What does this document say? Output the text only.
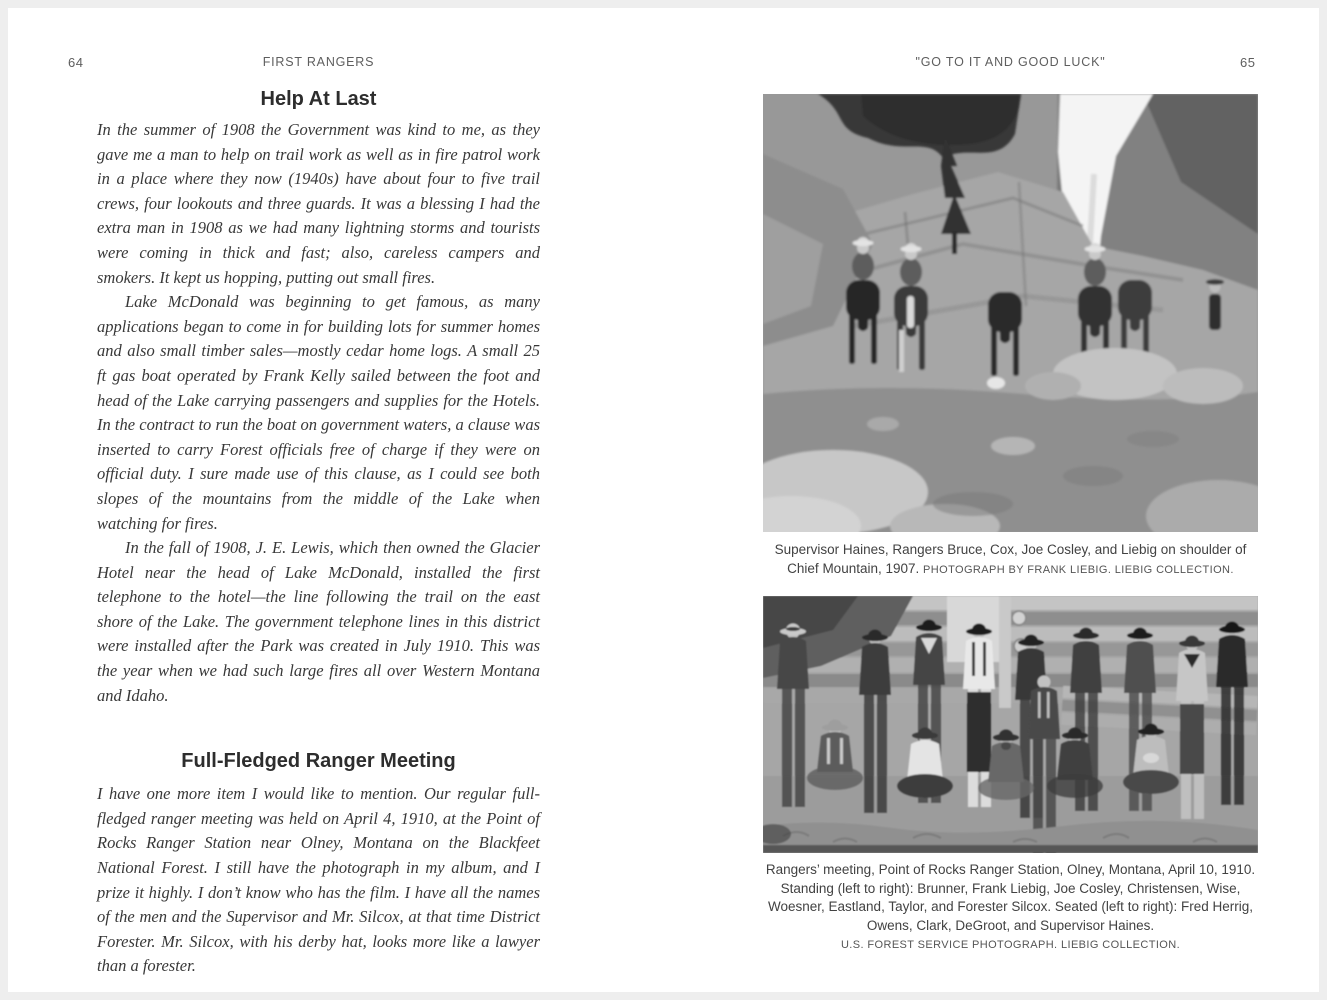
64	FIRST RANGERS	"GO TO IT AND GOOD LUCK"	65
Help At Last

In the summer of 1908 the Government was kind to me, as they gave me a man to help on trail work as well as in fire patrol work in a place where they now (1940s) have about four to five trail crews, four lookouts and three guards. It was a blessing I had the extra man in 1908 as we had many lightning storms and tourists were coming in thick and fast; also, careless campers and smokers. It kept us hopping, putting out small fires.

Lake McDonald was beginning to get famous, as many applications began to come in for building lots for summer homes and also small timber sales—mostly cedar home logs. A small 25 ft gas boat operated by Frank Kelly sailed between the foot and head of the Lake carrying passengers and supplies for the Hotels. In the contract to run the boat on government waters, a clause was inserted to carry Forest officials free of charge if they were on official duty. I sure made use of this clause, as I could see both slopes of the mountains from the middle of the Lake when watching for fires.

In the fall of 1908, J. E. Lewis, which then owned the Glacier Hotel near the head of Lake McDonald, installed the first telephone to the hotel—the line following the trail on the east shore of the Lake. The government telephone lines in this district were installed after the Park was created in July 1910. This was the year when we had such large fires all over Western Montana and Idaho.

Full-Fledged Ranger Meeting

I have one more item I would like to mention. Our regular full-fledged ranger meeting was held on April 4, 1910, at the Point of Rocks Ranger Station near Olney, Montana on the Blackfeet National Forest. I still have the photograph in my album, and I prize it highly. I don’t know who has the film. I have all the names of the men and the Supervisor and Mr. Silcox, at that time District Forester. Mr. Silcox, with his derby hat, looks more like a lawyer than a forester.

Supervisor Haines, Rangers Bruce, Cox, Joe Cosley, and Liebig on shoulder of Chief Mountain, 1907. PHOTOGRAPH BY FRANK LIEBIG. LIEBIG COLLECTION.

Rangers’ meeting, Point of Rocks Ranger Station, Olney, Montana, April 10, 1910. Standing (left to right): Brunner, Frank Liebig, Joe Cosley, Christensen, Wise, Woesner, Eastland, Taylor, and Forester Silcox. Seated (left to right): Fred Herrig, Owens, Clark, DeGroot, and Supervisor Haines.
U.S. FOREST SERVICE PHOTOGRAPH. LIEBIG COLLECTION.
